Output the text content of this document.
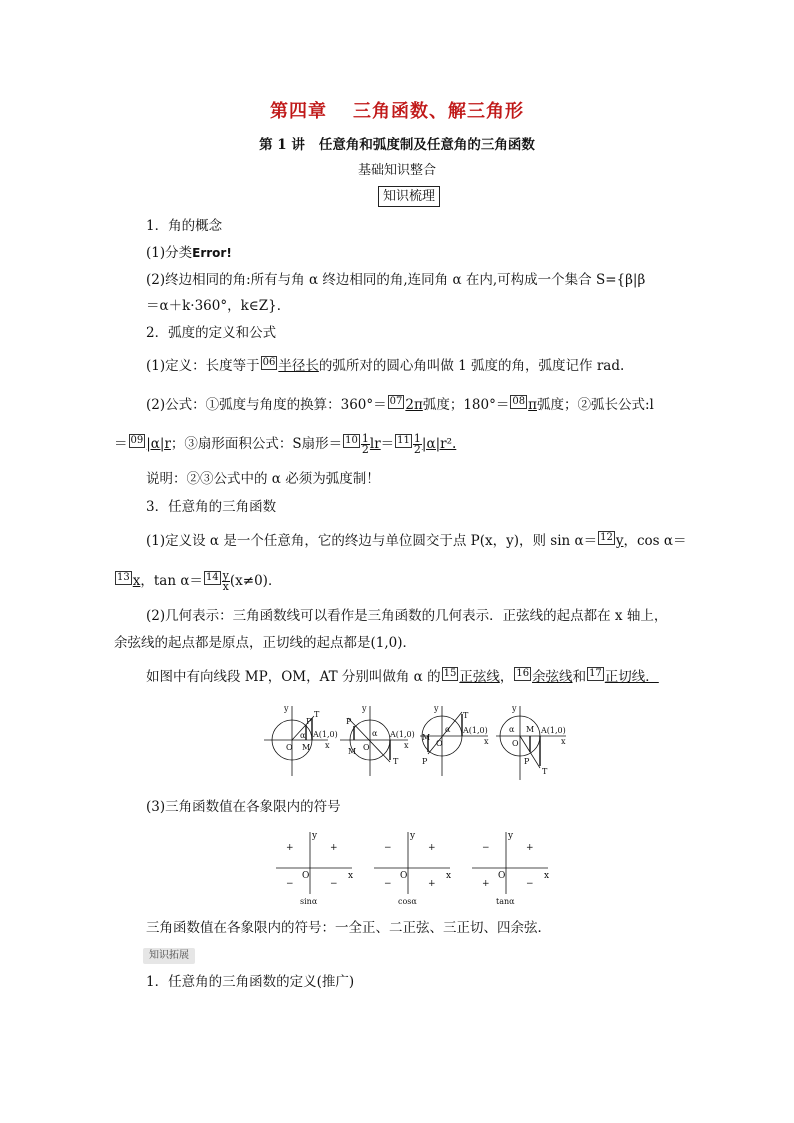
第四章 三角函数、解三角形
第 1 讲 任意角和弧度制及任意角的三角函数
基础知识整合
知识梳理
1．角的概念
(1)分类Error!
(2)终边相同的角:所有与角 α 终边相同的角,连同角 α 在内,可构成一个集合 S={β|β
＝α＋k·360°，k∈Z}．
2．弧度的定义和公式
(1)定义：长度等于 06 半径长的弧所对的圆心角叫做 1 弧度的角，弧度记作 rad.
(2)公式：①弧度与角度的换算：360°＝ 07 2π弧度；180°＝ 08 π弧度；②弧长公式:l
＝ 09 |α|r；③扇形面积公式：S扇形＝ $10 \frac{1}{2} lr= 11 \frac{1}{2} |\alpha|r^2$.
说明：②③公式中的 α 必须为弧度制！
3．任意角的三角函数
(1)定义设 α 是一个任意角，它的终边与单位圆交于点 P(x，y)，则 sin α＝ 12 y，cos α＝
13 x，$\tan \alpha= 14 \frac{y}{x} (x\ne 0)$．
(2)几何表示：三角函数线可以看作是三角函数的几何表示．正弦线的起点都在 x 轴上，
余弦线的起点都是原点，正切线的起点都是(1,0)．
如图中有向线段 MP，OM，AT 分别叫做角 α 的 15 正弦线， 16 余弦线和 17 正切线．
y
O M
P
T
α A(1,0)
x
y
O
M
P
T
α A(1,0)
x
y
O
M
P
T
α A(1,0)
x
y
O
M
P
T
α	A(1,0)
x
(3)三角函数值在各象限内的符号
y
x
O
+
+
−	−
sinα
y
x
O
+
−
−	+
cosα
y
x
O
+
−
+	−
tanα
三角函数值在各象限内的符号：一全正、二正弦、三正切、四余弦．
知识拓展
1．任意角的三角函数的定义(推广)
